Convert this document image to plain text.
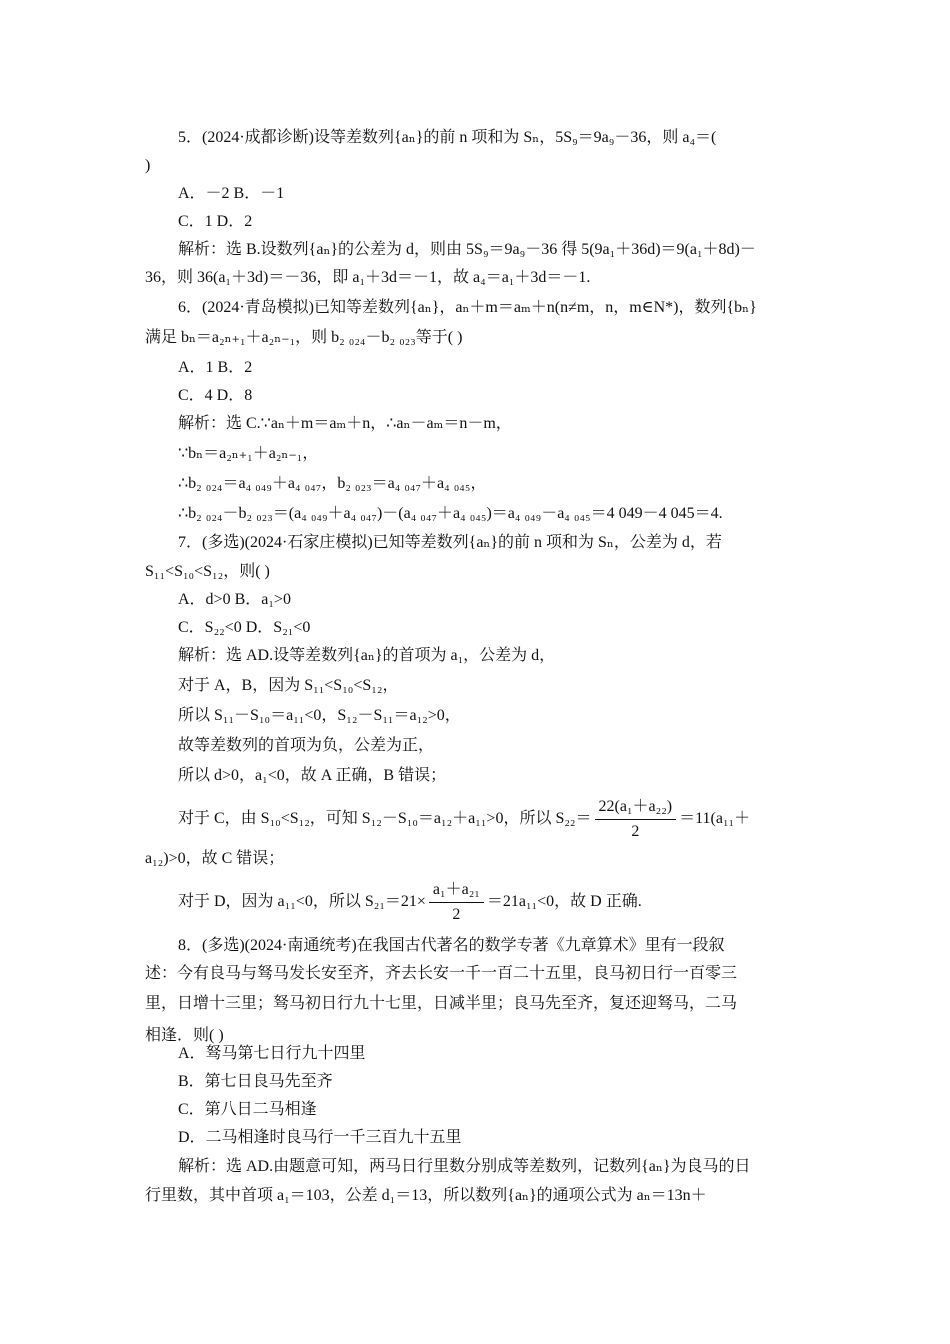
5．(2024·成都诊断)设等差数列{aₙ}的前 n 项和为 Sₙ，5S₉＝9a₉－36，则 a₄＝(
)
A．－2 B．－1
C．1 D．2
解析：选 B.设数列{aₙ}的公差为 d，则由 5S₉＝9a₉－36 得 5(9a₁＋36d)＝9(a₁＋8d)－
36，则 36(a₁＋3d)＝－36，即 a₁＋3d＝－1，故 a₄＝a₁＋3d＝－1.
6．(2024·青岛模拟)已知等差数列{aₙ}，aₙ＋m＝aₘ＋n(n≠m，n，m∈N*)，数列{bₙ}
满足 bₙ＝a₂ₙ₊₁＋a₂ₙ₋₁，则 b₂ ₀₂₄－b₂ ₀₂₃等于( )
A．1 B．2
C．4 D．8
解析：选 C.∵aₙ＋m＝aₘ＋n，∴aₙ－aₘ＝n－m，
∵bₙ＝a₂ₙ₊₁＋a₂ₙ₋₁，
∴b₂ ₀₂₄＝a₄ ₀₄₉＋a₄ ₀₄₇，b₂ ₀₂₃＝a₄ ₀₄₇＋a₄ ₀₄₅，
∴b₂ ₀₂₄－b₂ ₀₂₃＝(a₄ ₀₄₉＋a₄ ₀₄₇)－(a₄ ₀₄₇＋a₄ ₀₄₅)＝a₄ ₀₄₉－a₄ ₀₄₅＝4 049－4 045＝4.
7．(多选)(2024·石家庄模拟)已知等差数列{aₙ}的前 n 项和为 Sₙ，公差为 d，若
S₁₁<S₁₀<S₁₂，则( )
A．d>0 B．a₁>0
C．S₂₂<0 D．S₂₁<0
解析：选 AD.设等差数列{aₙ}的首项为 a₁，公差为 d，
对于 A，B，因为 S₁₁<S₁₀<S₁₂，
所以 S₁₁－S₁₀＝a₁₁<0，S₁₂－S₁₁＝a₁₂>0，
故等差数列的首项为负，公差为正，
所以 d>0，a₁<0，故 A 正确，B 错误；
a₁₂)>0，故 C 错误；
相逢．则( )
A．驽马第七日行九十四里
B．第七日良马先至齐
C．第八日二马相逢
D．二马相逢时良马行一千三百九十五里
解析：选 AD.由题意可知，两马日行里数分别成等差数列，记数列{aₙ}为良马的日
行里数，其中首项 a₁＝103，公差 d₁＝13，所以数列{aₙ}的通项公式为 aₙ＝13n＋
8．(多选)(2024·南通统考)在我国古代著名的数学专著《九章算术》里有一段叙
述：今有良马与驽马发长安至齐，齐去长安一千一百二十五里，良马初日行一百零三
里，日增十三里；驽马初日行九十七里，日减半里；良马先至齐，复还迎驽马，二马
对于 C，由 S₁₀<S₁₂，可知 S₁₂－S₁₀＝a₁₂＋a₁₁>0，所以 $S_{22}= \frac{\text{22(a₁＋a₂₂)}}{2} =11(a_{11}+$
对于 D，因为 a₁₁<0，所以 $S_{21}=21\times \frac{\text{a₁＋a₂₁}}{2} =21a_{11}<0$，故 D 正确.
